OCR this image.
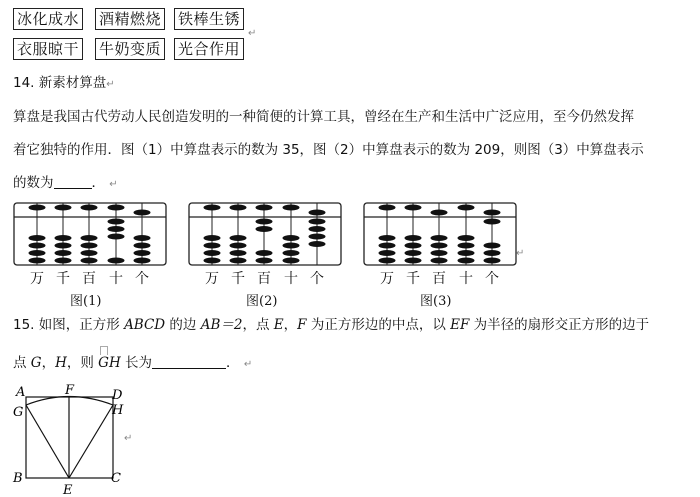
冰化成水 酒精燃烧 铁棒生锈
衣服晾干 牛奶变质 光合作用
↵
14. 新素材算盘↵
算盘是我国古代劳动人民创造发明的一种简便的计算工具，曾经在生产和生活中广泛应用，至今仍然发挥
着它独特的作用．图（1）中算盘表示的数为 35，图（2）中算盘表示的数为 209，则图（3）中算盘表示
的数为	． ↵
↵
万 千 百 十 个	万 千 百 十 个	万 千 百 十 个
图(1)	图(2)	图(3)
15. 如图，正方形 ABCD 的边 AB＝2，点 E，F 为正方形边的中点，以 EF 为半径的扇形交正方形的边于
点 G，H，则
GH 长为	． ↵
A
G
F	D
H
B	C
E
↵
